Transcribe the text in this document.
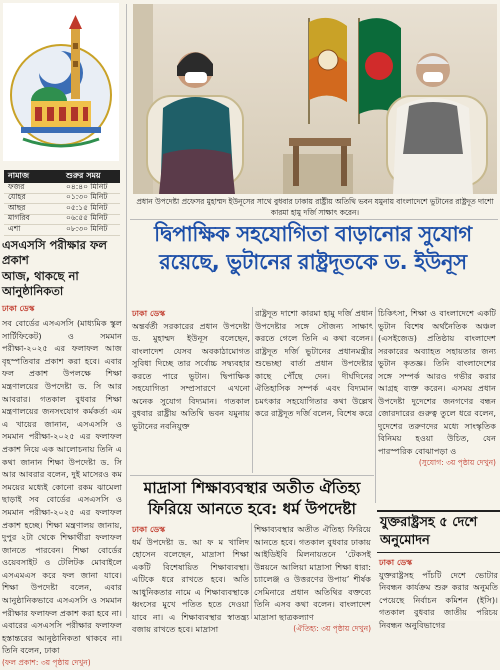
নামাজ	শুরুর সময়
ফজর	০৪:৪০ মিনিট
যোহর	০১:৩০ মিনিট
আছর	০৫:১৫ মিনিট
মাগরিব	০৬:৫৫ মিনিট
এশা	০৮:৩০ মিনিট
এসএসসি পরীক্ষার ফল প্রকাশ
আজ, থাকছে না আনুষ্ঠানিকতা
ঢাকা ডেস্ক
সব বোর্ডের এসএসসি (মাধ্যমিক স্কুল সার্টিফিকেট) ও সমমান পরীক্ষা-২০২৫ এর ফলাফল আজ বৃহস্পতিবার প্রকাশ করা হবে। এবার ফল প্রকাশ উপলক্ষে শিক্ষা মন্ত্রণালয়ের উপদেষ্টা ড. সি আর আবরার। গতকাল বুধবার শিক্ষা মন্ত্রণালয়ের জনসংযোগ কর্মকর্তা এম এ খায়ের জানান, এসএসসি ও সমমান পরীক্ষা-২০২৫ এর ফলাফল প্রকাশ নিয়ে এক আলোচনায় তিনি এ কথা জানান শিক্ষা উপদেষ্টা ড. সি আর আবরার বলেন, দুই মাসেরও কম সময়ের মধ্যেই কোনো রকম ঝামেলা ছাড়াই সব বোর্ডের এসএসসি ও সমমান পরীক্ষা-২০২৫ এর ফলাফল প্রকাশ হচ্ছে। শিক্ষা মন্ত্রণালয় জানায়, দুপুর ২টা থেকে শিক্ষার্থীরা ফলাফল জানতে পারবেন। শিক্ষা বোর্ডের ওয়েবসাইট ও টেলিটক মোবাইলে এসএমএস করে ফল জানা যাবে। শিক্ষা উপদেষ্টা বলেন, এবার আনুষ্ঠানিকভাবে এসএসসি ও সমমান পরীক্ষার ফলাফল প্রকাশ করা হবে না। এবারের এসএসসি পরীক্ষার ফলাফল হস্তান্তরের আনুষ্ঠানিকতা থাকবে না। তিনি বলেন, ঢাকা
(ফল প্রকাশ: ৩য় পৃষ্ঠায় দেখুন)
প্রধান উপদেষ্টা প্রফেসর মুহাম্মদ ইউনূসের সাথে বুধবার ঢাকায় রাষ্ট্রীয় অতিথি ভবন যমুনায় বাংলাদেশে ভুটানের রাষ্ট্রদূত দাশো কারমা হামু দর্জি সাক্ষাৎ করেন।
দ্বিপাক্ষিক সহযোগিতা বাড়ানোর সুযোগ
রয়েছে, ভুটানের রাষ্ট্রদূতকে ড. ইউনূস
ঢাকা ডেস্ক
অন্তর্বর্তী সরকারের প্রধান উপদেষ্টা ড. মুহাম্মদ ইউনূস বলেছেন, বাংলাদেশ যেসব অবকাঠামোগত সুবিধা দিচ্ছে তার সর্বোচ্চ সদ্ব্যবহার করতে পারে ভুটান। দ্বিপাক্ষিক সহযোগিতা সম্প্রসারণে এখনো অনেক সুযোগ বিদ্যমান। গতকাল বুধবার রাষ্ট্রীয় অতিথি ভবন যমুনায় ভুটানের নবনিযুক্ত
রাষ্ট্রদূত দাশো কারমা হামু দর্জি প্রধান উপদেষ্টার সঙ্গে সৌজন্য সাক্ষাৎ করতে গেলে তিনি এ কথা বলেন। রাষ্ট্রদূত দর্জি ভুটানের প্রধানমন্ত্রীর শুভেচ্ছা বার্তা প্রধান উপদেষ্টার কাছে পৌঁছে দেন। দীর্ঘদিনের ঐতিহাসিক সম্পর্ক এবং বিদ্যমান চমৎকার সহযোগিতার কথা উল্লেখ করে রাষ্ট্রদূত দর্জি বলেন, বিশেষ করে
চিকিৎসা, শিক্ষা ও বাংলাদেশে একটি ভুটান বিশেষ অর্থনৈতিক অঞ্চল (এসইজেড) প্রতিষ্ঠায় বাংলাদেশ সরকারের অব্যাহত সহায়তার জন্য ভুটান কৃতজ্ঞ। তিনি বাংলাদেশের সঙ্গে সম্পর্ক আরও গভীর করার আগ্রহ ব্যক্ত করেন। এসময় প্রধান উপদেষ্টা দুদেশের জনগণের বন্ধন জোরদারের গুরুত্ব তুলে ধরে বলেন, দুদেশের তরুণদের মধ্যে সাংস্কৃতিক বিনিময় হওয়া উচিত, যেন পারস্পরিক বোঝাপড়া ও
(সুযোগ: ৩য় পৃষ্ঠায় দেখুন)
মাদ্রাসা শিক্ষাব্যবস্থার অতীত ঐতিহ্য
ফিরিয়ে আনতে হবে: ধর্ম উপদেষ্টা
ঢাকা ডেস্ক
ধর্ম উপদেষ্টা ড. আ ফ ম খালিদ হোসেন বলেছেন, মাদ্রাসা শিক্ষা একটি বিশেষায়িত শিক্ষাব্যবস্থা। এটিকে ধরে রাখতে হবে। অতি আধুনিকতার নামে এ শিক্ষাব্যবস্থাকে ধ্বংসের মুখে পতিত হতে দেওয়া যাবে না। এ শিক্ষাব্যবস্থার স্বাতন্ত্র্য বজায় রাখতে হবে। মাদ্রাসা
শিক্ষাব্যবস্থার অতীত ঐতিহ্য ফিরিয়ে আনতে হবে। গতকাল বুধবার ঢাকায় আইডিইবি মিলনায়তনে ‘টেকসই উন্নয়নে আলিয়া মাদ্রাসা শিক্ষা ধারা: চ্যালেঞ্জ ও উত্তরণের উপায়’ শীর্ষক সেমিনারে প্রধান অতিথির বক্তব্যে তিনি এসব কথা বলেন। বাংলাদেশ মাদ্রাসা ছাত্রকল্যাণ
(ঐতিহ্য: ৩য় পৃষ্ঠায় দেখুন)
যুক্তরাষ্ট্রসহ ৫ দেশে
অনুমোদন
ঢাকা ডেস্ক
যুক্তরাষ্ট্রসহ পাঁচটি দেশে ভোটার নিবন্ধন কার্যক্রম শুরু করার অনুমতি পেয়েছে নির্বাচন কমিশন (ইসি)। গতকাল বুধবার জাতীয় পরিচয় নিবন্ধন অনুবিভাগের
